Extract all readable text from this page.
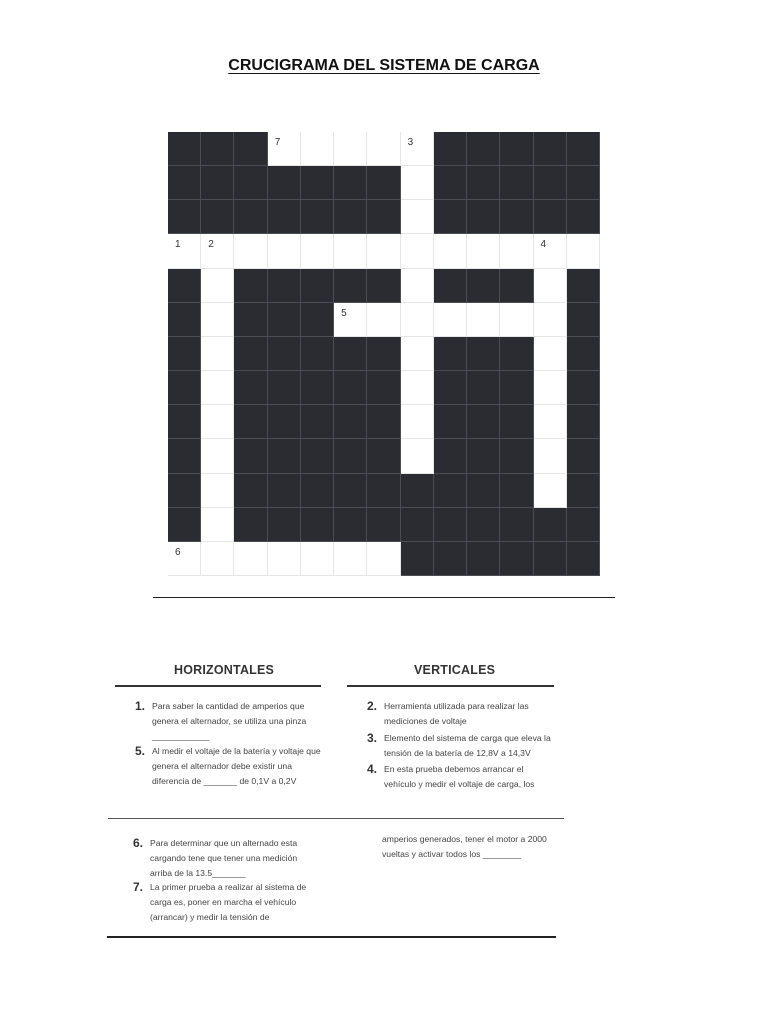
CRUCIGRAMA DEL SISTEMA DE CARGA
7	3
1	2	4
5
6
HORIZONTALES	VERTICALES
1. Para saber la cantidad de amperios que
genera el alternador, se utiliza una pinza
____________
5. Al medir el voltaje de la batería y voltaje que
genera el alternador debe existir una
diferencia de _______ de 0,1V a 0,2V
2. Herramienta utilizada para realizar las
mediciones de voltaje
3. Elemento del sistema de carga que eleva la
tensión de la batería de 12,8V a 14,3V
4. En esta prueba debemos arrancar el
vehículo y medir el voltaje de carga, los
6. Para determinar que un alternado esta
cargando tene que tener una medición
arriba de la 13.5_______
7. La primer prueba a realizar al sistema de
carga es, poner en marcha el vehículo
(arrancar) y medir la tensión de
amperios generados, tener el motor a 2000
vueltas y activar todos los ________
